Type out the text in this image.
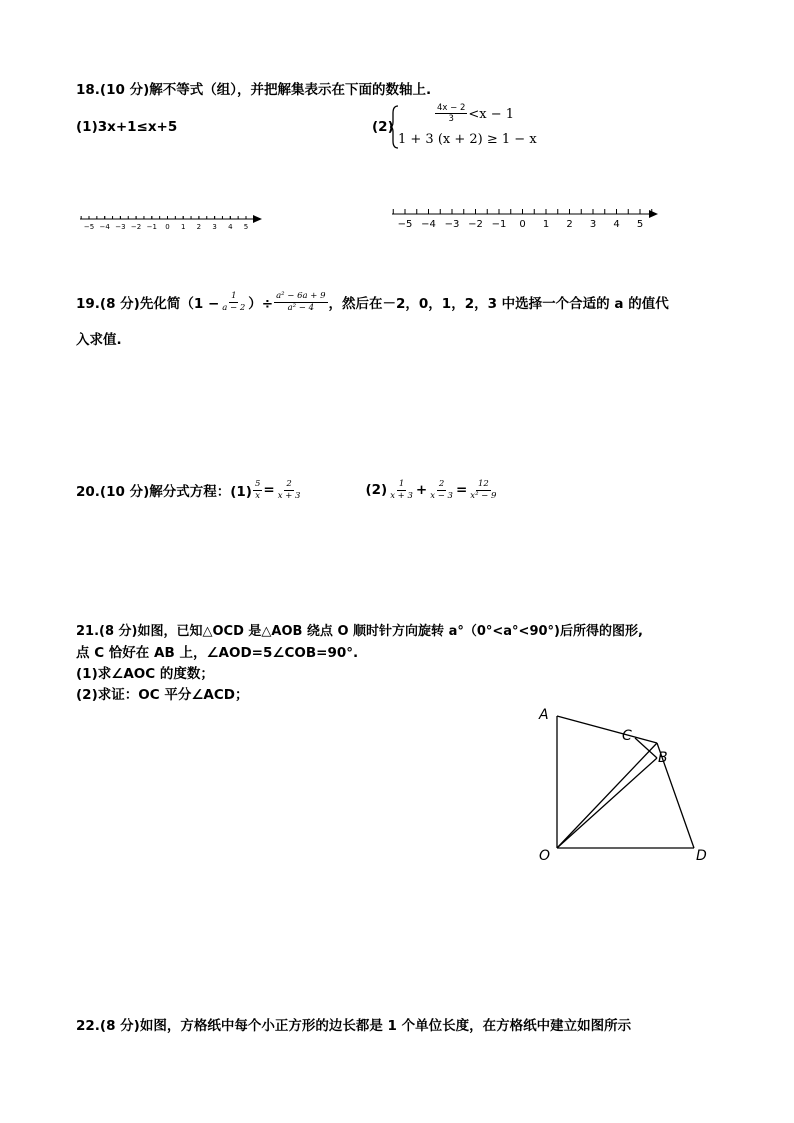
18.(10 分)解不等式（组），并把解集表示在下面的数轴上.
(1)3x+1≤x+5	(2)
$\frac{4x - 2}{3} <x - 1$
1 + 3 (x + 2) ≥ 1 − x
−5 −4 −3 −2 −1 0 1 2 3 4 5	−5 −4 −3 −2 −1 0 1 2 3 4 5
19.(8 分)先化简（$1 - \frac{1}{a - 2}$ ）÷ $\frac{\text{a² − 6a + 9}}{\text{a² − 4}}$ ，然后在－2，0，1，2，3 中选择一个合适的 a 的值代
入求值.
20.(10 分)解分式方程：$(1) \frac{5}{x} = \frac{2}{x + 3}$	$(2) \frac{1}{x + 3} + \frac{2}{x - 3} = \frac{12}{\text{x² − 9}}$
21.(8 分)如图，已知△OCD 是△AOB 绕点 O 顺时针方向旋转 a°（0°<a°<90°)后所得的图形,
点 C 恰好在 AB 上，∠AOD=5∠COB=90°.
(1)求∠AOC 的度数；
(2)求证：OC 平分∠ACD；
A
C
B
O	D
22.(8 分)如图，方格纸中每个小正方形的边长都是 1 个单位长度，在方格纸中建立如图所示
